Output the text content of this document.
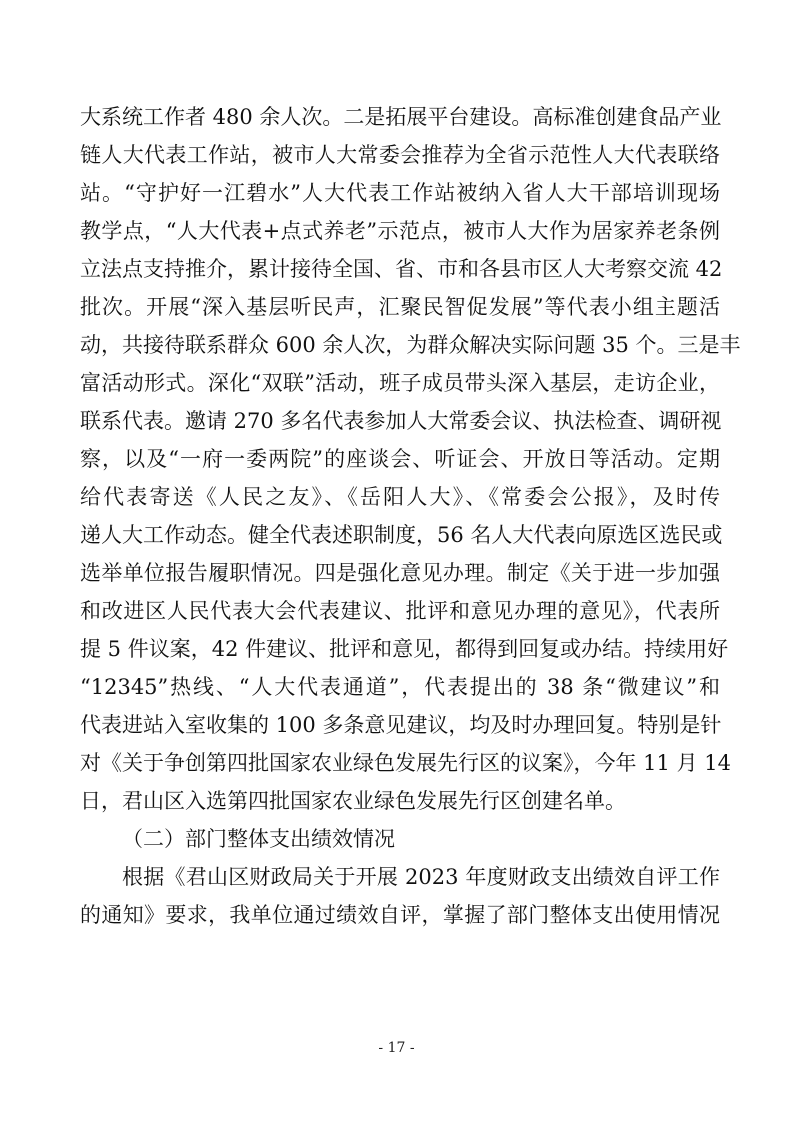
大系统工作者 480 余人次。二是拓展平台建设。高标准创建食品产业
链人大代表工作站，被市人大常委会推荐为全省示范性人大代表联络
站。“守护好一江碧水”人大代表工作站被纳入省人大干部培训现场
教学点，“人大代表+点式养老”示范点，被市人大作为居家养老条例
立法点支持推介，累计接待全国、省、市和各县市区人大考察交流 42
批次。开展“深入基层听民声，汇聚民智促发展”等代表小组主题活
动，共接待联系群众 600 余人次，为群众解决实际问题 35 个。三是丰
富活动形式。深化“双联”活动，班子成员带头深入基层，走访企业，
联系代表。邀请 270 多名代表参加人大常委会议、执法检查、调研视
察，以及“一府一委两院”的座谈会、听证会、开放日等活动。定期
给代表寄送《人民之友》、《岳阳人大》、《常委会公报》，及时传
递人大工作动态。健全代表述职制度，56 名人大代表向原选区选民或
选举单位报告履职情况。四是强化意见办理。制定《关于进一步加强
和改进区人民代表大会代表建议、批评和意见办理的意见》，代表所
提 5 件议案，42 件建议、批评和意见，都得到回复或办结。持续用好
“12345”热线、“人大代表通道”，代表提出的 38 条“微建议”和
代表进站入室收集的 100 多条意见建议，均及时办理回复。特别是针
对《关于争创第四批国家农业绿色发展先行区的议案》，今年 11 月 14
日，君山区入选第四批国家农业绿色发展先行区创建名单。
（二）部门整体支出绩效情况
根据《君山区财政局关于开展 2023 年度财政支出绩效自评工作
的通知》要求，我单位通过绩效自评，掌握了部门整体支出使用情况
- 17 -
